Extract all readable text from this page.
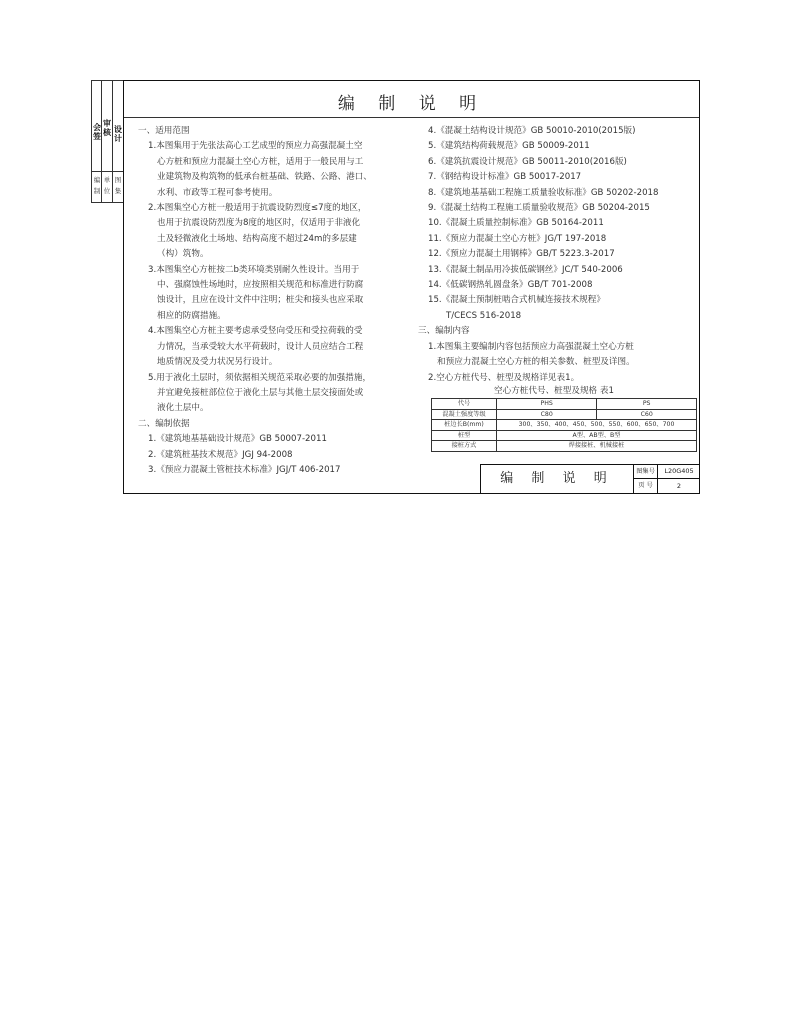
会签
审核 设计
编
制
单
位
图
集
编 制 说 明
一、适用范围
1.本图集用于先张法高心工艺成型的预应力高强混凝土空
心方桩和预应力混凝土空心方桩，适用于一般民用与工
业建筑物及构筑物的低承台桩基础、铁路、公路、港口、
水利、市政等工程可参考使用。
2.本图集空心方桩一般适用于抗震设防烈度≤7度的地区，
也用于抗震设防烈度为8度的地区时，仅适用于非液化
土及轻微液化土场地、结构高度不超过24m的多层建
（构）筑物。
3.本图集空心方桩按二b类环境类别耐久性设计。当用于
中、强腐蚀性场地时，应按照相关规范和标准进行防腐
蚀设计，且应在设计文件中注明；桩尖和接头也应采取
相应的防腐措施。
4.本图集空心方桩主要考虑承受竖向受压和受拉荷载的受
力情况，当承受较大水平荷载时，设计人员应结合工程
地质情况及受力状况另行设计。
5.用于液化土层时，须依据相关规范采取必要的加强措施，
并宜避免接桩部位位于液化土层与其他土层交接面处或
液化土层中。
二、编制依据
1.《建筑地基基础设计规范》GB 50007-2011
2.《建筑桩基技术规范》JGJ 94-2008
3.《预应力混凝土管桩技术标准》JGJ/T 406-2017
4.《混凝土结构设计规范》GB 50010-2010(2015版)
5.《建筑结构荷载规范》GB 50009-2011
6.《建筑抗震设计规范》GB 50011-2010(2016版)
7.《钢结构设计标准》GB 50017-2017
8.《建筑地基基础工程施工质量验收标准》GB 50202-2018
9.《混凝土结构工程施工质量验收规范》GB 50204-2015
10.《混凝土质量控制标准》GB 50164-2011
11.《预应力混凝土空心方桩》JG/T 197-2018
12.《预应力混凝土用钢棒》GB/T 5223.3-2017
13.《混凝土制品用冷拔低碳钢丝》JC/T 540-2006
14.《低碳钢热轧圆盘条》GB/T 701-2008
15.《混凝土预制桩啮合式机械连接技术规程》
T/CECS 516-2018
三、编制内容
1.本图集主要编制内容包括预应力高强混凝土空心方桩
和预应力混凝土空心方桩的相关参数、桩型及详图。
2.空心方桩代号、桩型及规格详见表1。
空心方桩代号、桩型及规格 表1
代号	PHS	PS
混凝土强度等级	C80	C60
桩边长B(mm)	300、350、400、450、500、550、600、650、700	
桩型	A型、AB型、B型	
接桩方式	焊接接桩、机械接桩	
编 制 说 明	图集号	L20G405
页 号	2
